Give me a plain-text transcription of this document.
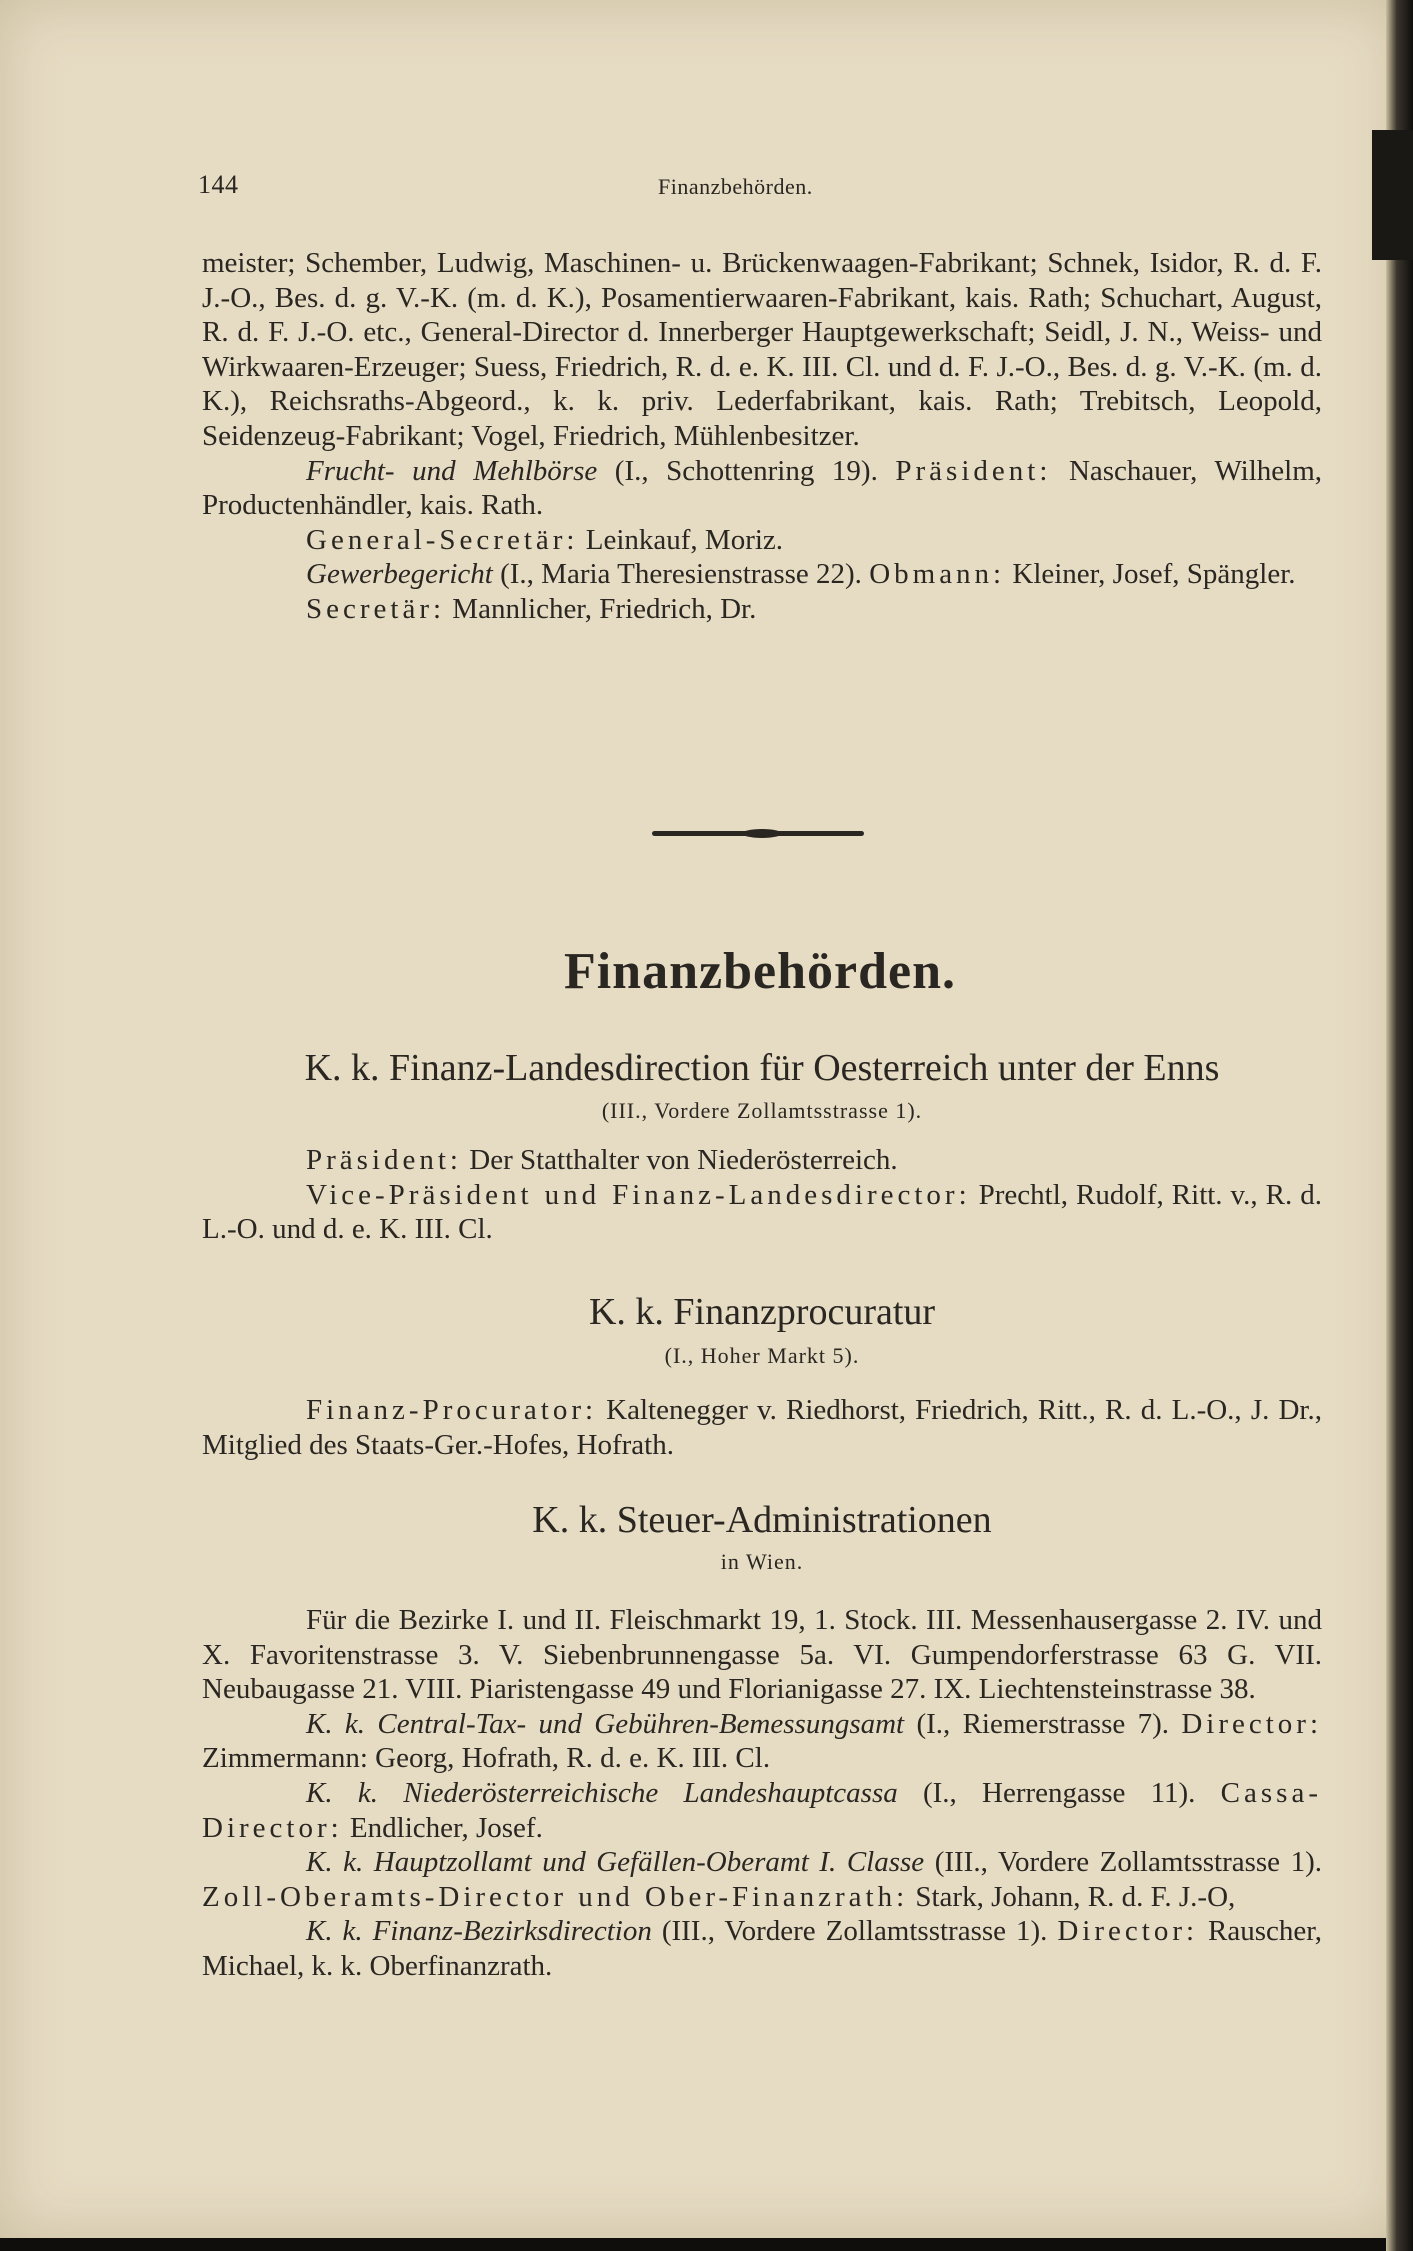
144	Finanzbehörden.

meister; Schember, Ludwig, Maschinen- u. Brückenwaagen-Fabrikant; Schnek, Isidor, R. d. F. J.-O., Bes. d. g. V.-K. (m. d. K.), Posamentierwaaren-Fabrikant, kais. Rath; Schuchart, August, R. d. F. J.-O. etc., General-Director d. Innerberger Hauptgewerkschaft; Seidl, J. N., Weiss- und Wirkwaaren-Erzeuger; Suess, Friedrich, R. d. e. K. III. Cl. und d. F. J.-O., Bes. d. g. V.-K. (m. d. K.), Reichsraths-Abgeord., k. k. priv. Lederfabrikant, kais. Rath; Trebitsch, Leopold, Seidenzeug-Fabrikant; Vogel, Friedrich, Mühlenbesitzer.

Frucht- und Mehlbörse (I., Schottenring 19). Präsident: Naschauer, Wilhelm, Productenhändler, kais. Rath.

General-Secretär: Leinkauf, Moriz.

Gewerbegericht (I., Maria Theresienstrasse 22). Obmann: Kleiner, Josef, Spängler.

Secretär: Mannlicher, Friedrich, Dr.

Finanzbehörden.
K. k. Finanz-Landesdirection für Oesterreich unter der Enns
(III., Vordere Zollamtsstrasse 1).

Präsident: Der Statthalter von Niederösterreich.

Vice-Präsident und Finanz-Landesdirector: Prechtl, Rudolf, Ritt. v., R. d. L.-O. und d. e. K. III. Cl.

K. k. Finanzprocuratur
(I., Hoher Markt 5).

Finanz-Procurator: Kaltenegger v. Riedhorst, Friedrich, Ritt., R. d. L.-O., J. Dr., Mitglied des Staats-Ger.-Hofes, Hofrath.

K. k. Steuer-Administrationen
in Wien.

Für die Bezirke I. und II. Fleischmarkt 19, 1. Stock. III. Messenhausergasse 2. IV. und X. Favoritenstrasse 3. V. Siebenbrunnengasse 5a. VI. Gumpendorferstrasse 63 G. VII. Neubaugasse 21. VIII. Piaristengasse 49 und Florianigasse 27. IX. Liechtensteinstrasse 38.

K. k. Central-Tax- und Gebühren-Bemessungsamt (I., Riemerstrasse 7). Director: Zimmermann: Georg, Hofrath, R. d. e. K. III. Cl.

K. k. Niederösterreichische Landeshauptcassa (I., Herrengasse 11). Cassa-Director: Endlicher, Josef.

K. k. Hauptzollamt und Gefällen-Oberamt I. Classe (III., Vordere Zollamtsstrasse 1). Zoll-Oberamts-Director und Ober-Finanzrath: Stark, Johann, R. d. F. J.-O,

K. k. Finanz-Bezirksdirection (III., Vordere Zollamtsstrasse 1). Director: Rauscher, Michael, k. k. Oberfinanzrath.
